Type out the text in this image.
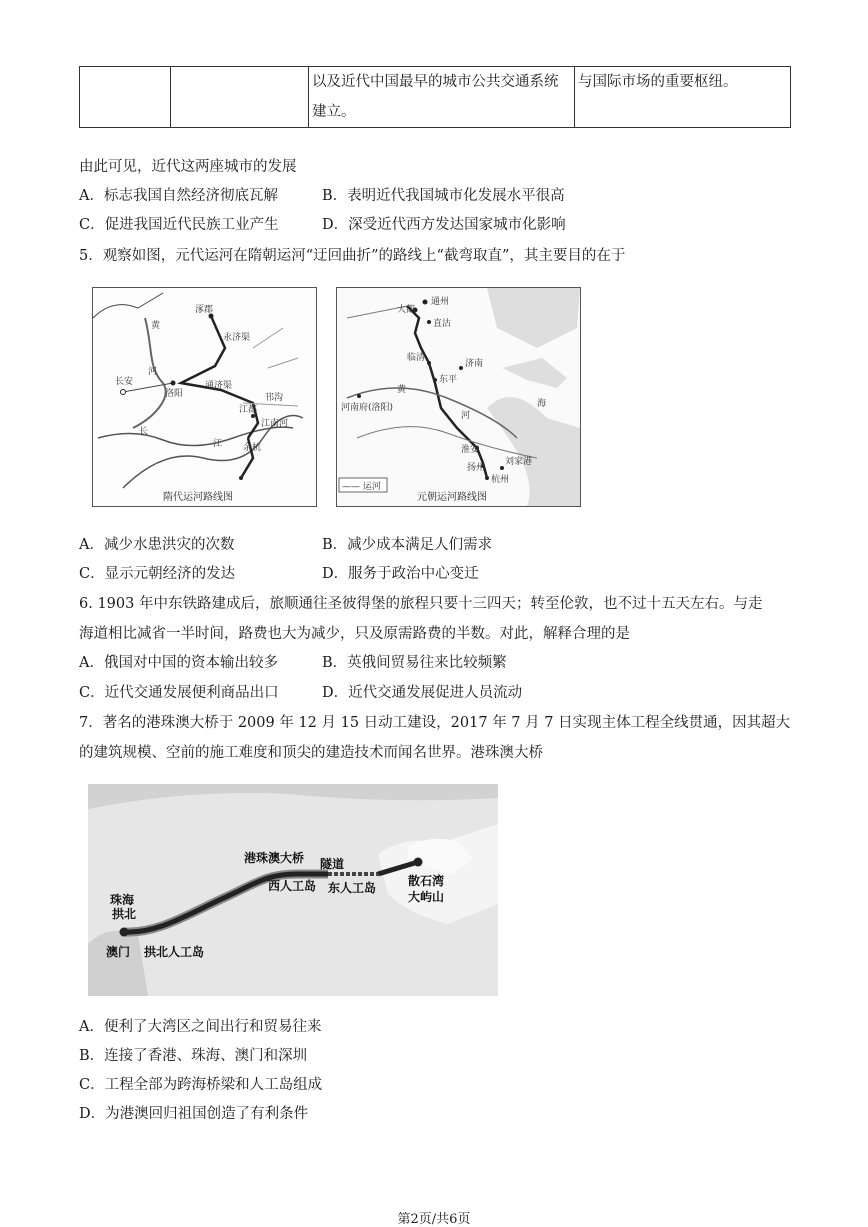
		以及近代中国最早的城市公共交通系统建立。	与国际市场的重要枢纽。
由此可见，近代这两座城市的发展
A．标志我国自然经济彻底瓦解	B．表明近代我国城市化发展水平很高
C．促进我国近代民族工业产生	D．深受近代西方发达国家城市化影响
5．观察如图，元代运河在隋朝运河“迂回曲折”的路线上“截弯取直”，其主要目的在于
涿郡
永济渠
通济渠
洛阳
长安
黄
河
邗沟
江都
江南河
余杭
长
江
隋代运河路线图
通州
大都
直沽
临清
济南
东平
河南府(洛阳)
淮安
扬州
杭州
刘家港
黄
河
海
—— 运河
元朝运河路线图
A．减少水患洪灾的次数	B．减少成本满足人们需求
C．显示元朝经济的发达	D．服务于政治中心变迁
6. 1903 年中东铁路建成后，旅顺通往圣彼得堡的旅程只要十三四天；转至伦敦，也不过十五天左右。与走
海道相比减省一半时间，路费也大为减少，只及原需路费的半数。对此，解释合理的是
A．俄国对中国的资本输出较多	B．英俄间贸易往来比较频繁
C．近代交通发展便利商品出口	D．近代交通发展促进人员流动
7．著名的港珠澳大桥于 2009 年 12 月 15 日动工建设，2017 年 7 月 7 日实现主体工程全线贯通，因其超大
的建筑规模、空前的施工难度和顶尖的建造技术而闻名世界。港珠澳大桥
港珠澳大桥 隧道
西人工岛 东人工岛	散石湾
大屿山
珠海
拱北
澳门 拱北人工岛
A．便利了大湾区之间出行和贸易往来
B．连接了香港、珠海、澳门和深圳
C．工程全部为跨海桥梁和人工岛组成
D．为港澳回归祖国创造了有利条件
第2页/共6页
